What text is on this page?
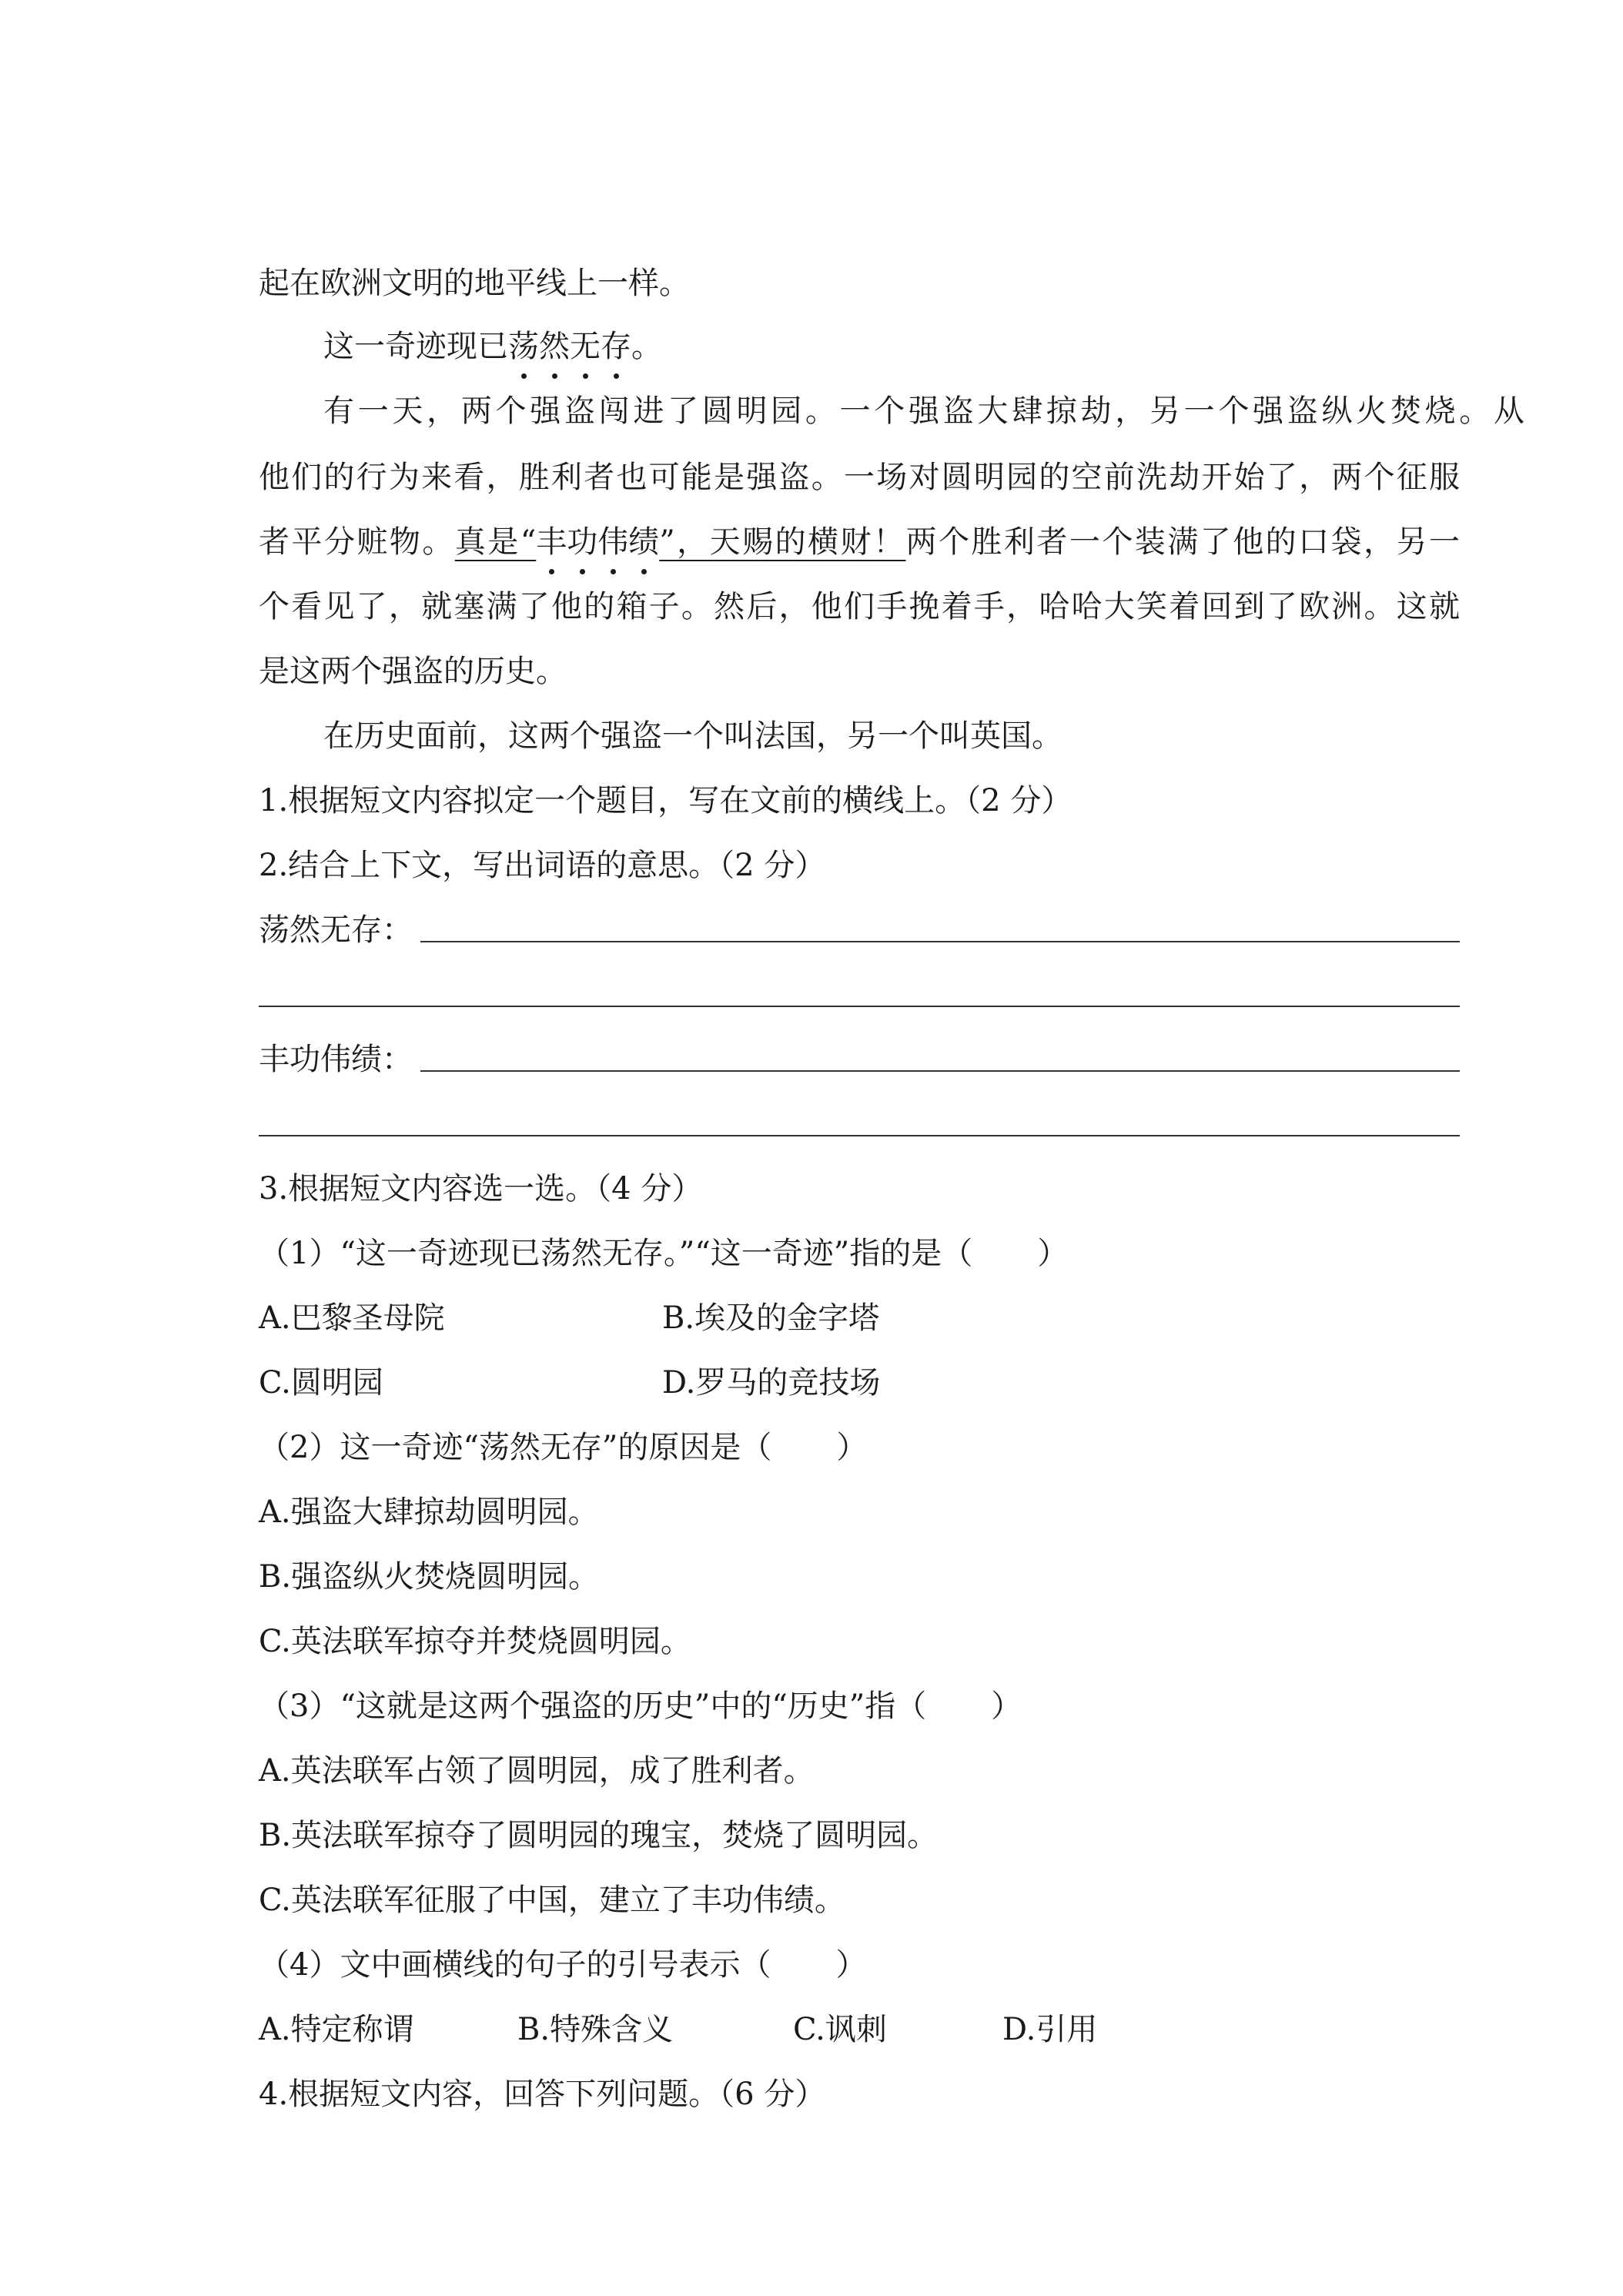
起在欧洲文明的地平线上一样。
这一奇迹现已荡然无存。
有一天，两个强盗闯进了圆明园。一个强盗大肆掠劫，另一个强盗纵火焚烧。从
他们的行为来看，胜利者也可能是强盗。一场对圆明园的空前洗劫开始了，两个征服
者平分赃物。真是“丰功伟绩”，天赐的横财！两个胜利者一个装满了他的口袋，另一
个看见了，就塞满了他的箱子。然后，他们手挽着手，哈哈大笑着回到了欧洲。这就
是这两个强盗的历史。
在历史面前，这两个强盗一个叫法国，另一个叫英国。
1.根据短文内容拟定一个题目，写在文前的横线上。（2 分）
2.结合上下文，写出词语的意思。（2 分）
荡然无存：
丰功伟绩：
3.根据短文内容选一选。（4 分）
（1）“这一奇迹现已荡然无存。”“这一奇迹”指的是（ ）
A.巴黎圣母院	B.埃及的金字塔
C.圆明园	D.罗马的竞技场
（2）这一奇迹“荡然无存”的原因是（ ）
A.强盗大肆掠劫圆明园。
B.强盗纵火焚烧圆明园。
C.英法联军掠夺并焚烧圆明园。
（3）“这就是这两个强盗的历史”中的“历史”指（ ）
A.英法联军占领了圆明园，成了胜利者。
B.英法联军掠夺了圆明园的瑰宝，焚烧了圆明园。
C.英法联军征服了中国，建立了丰功伟绩。
（4）文中画横线的句子的引号表示（ ）
A.特定称谓	B.特殊含义	C.讽刺	D.引用
4.根据短文内容，回答下列问题。（6 分）
